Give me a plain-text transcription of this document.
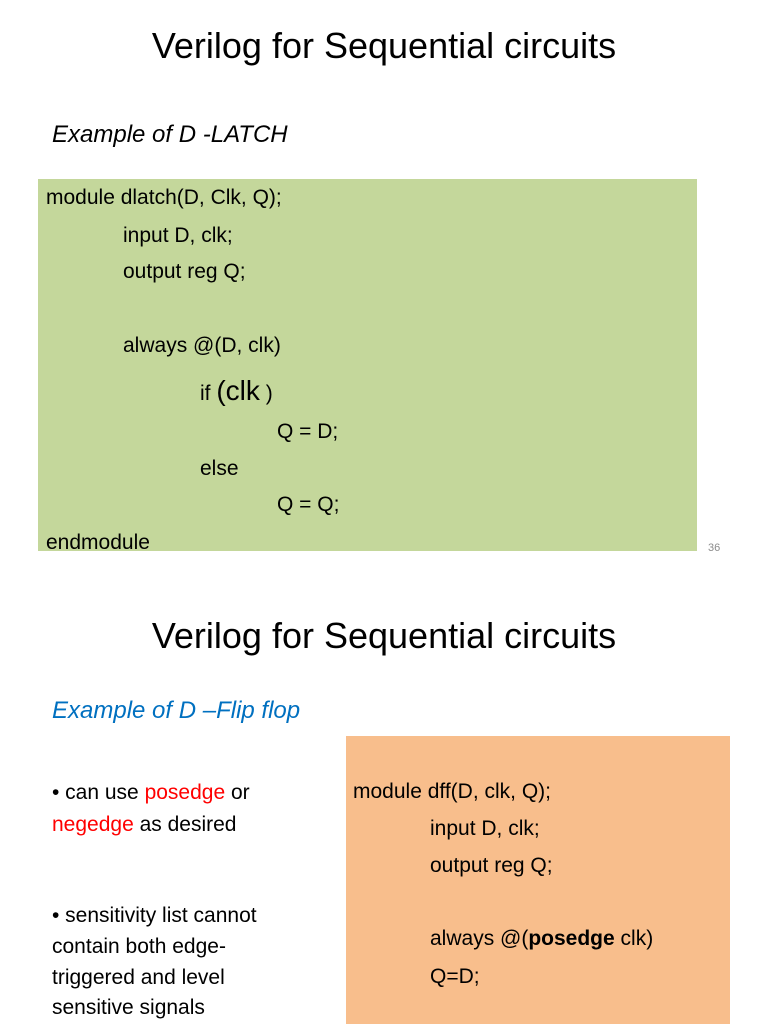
Verilog for Sequential circuits
Example of D -LATCH
module dlatch(D, Clk, Q);
input D, clk;
output reg Q;
always @(D, clk)
if (clk )
Q = D;
else
Q = Q;
endmodule	36
Verilog for Sequential circuits
Example of D –Flip flop
• can use posedge or
negedge as desired
• sensitivity list cannot
contain both edge-
triggered and level
sensitive signals
module dff(D, clk, Q);
input D, clk;
output reg Q;
always @(posedge clk)
Q=D;
